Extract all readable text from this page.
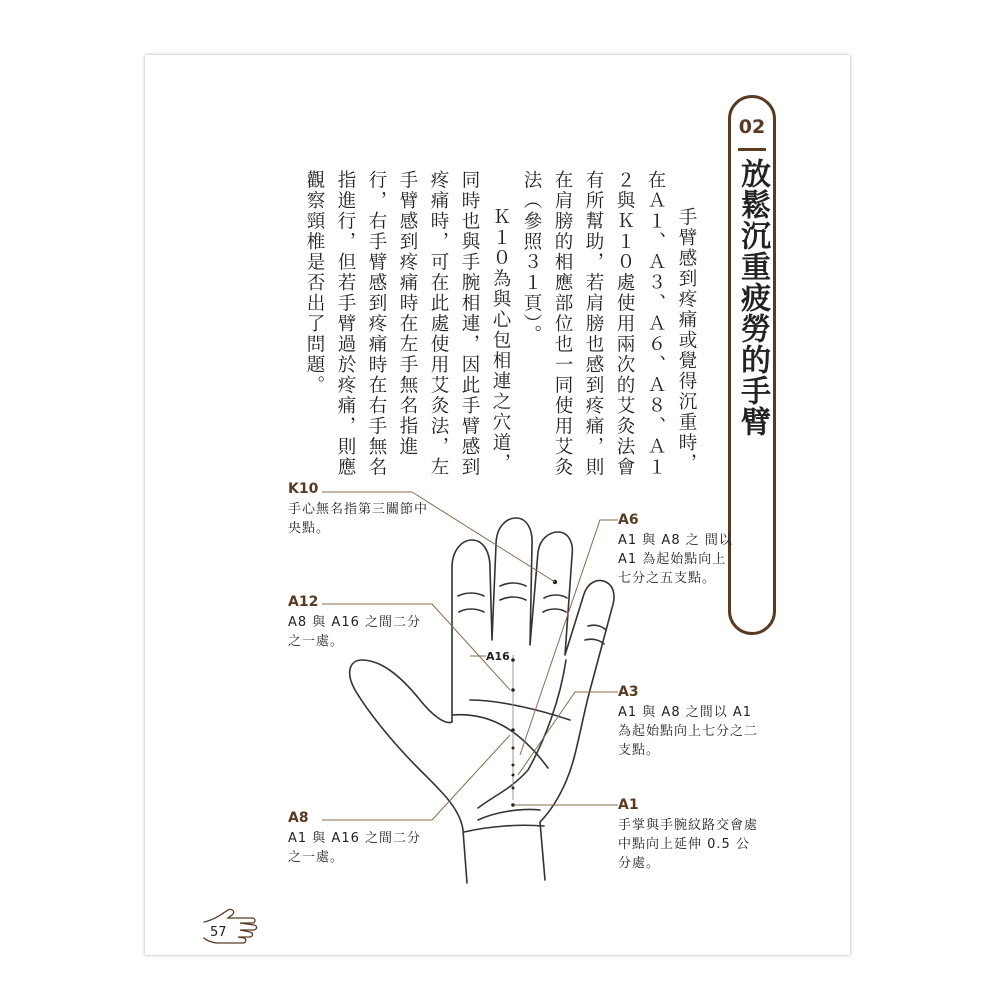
02
放鬆沉重疲勞的手臂

手臂感到疼痛或覺得沉重時，在Ａ１、Ａ３、Ａ６、Ａ８、Ａ１２與Ｋ１０處使用兩次的艾灸法會有所幫助，若肩膀也感到疼痛，則在肩膀的相應部位也一同使用艾灸法（參照３１頁）。

Ｋ１０為與心包相連之穴道，同時也與手腕相連，因此手臂感到疼痛時，可在此處使用艾灸法，左手臂感到疼痛時在左手無名指進行，右手臂感到疼痛時在右手無名指進行，但若手臂過於疼痛，則應觀察頸椎是否出了問題。

A16
K10
手心無名指第三關節中央點。
A12
A8 與 A16 之間二分之一處。
A8
A1 與 A16 之間二分之一處。
A6
A1 與 A8 之 間以 A1 為起始點向上七分之五支點。
A3
A1 與 A8 之間以 A1 為起始點向上七分之二支點。
A1
手掌與手腕紋路交會處中點向上延伸 0.5 公分處。
57
